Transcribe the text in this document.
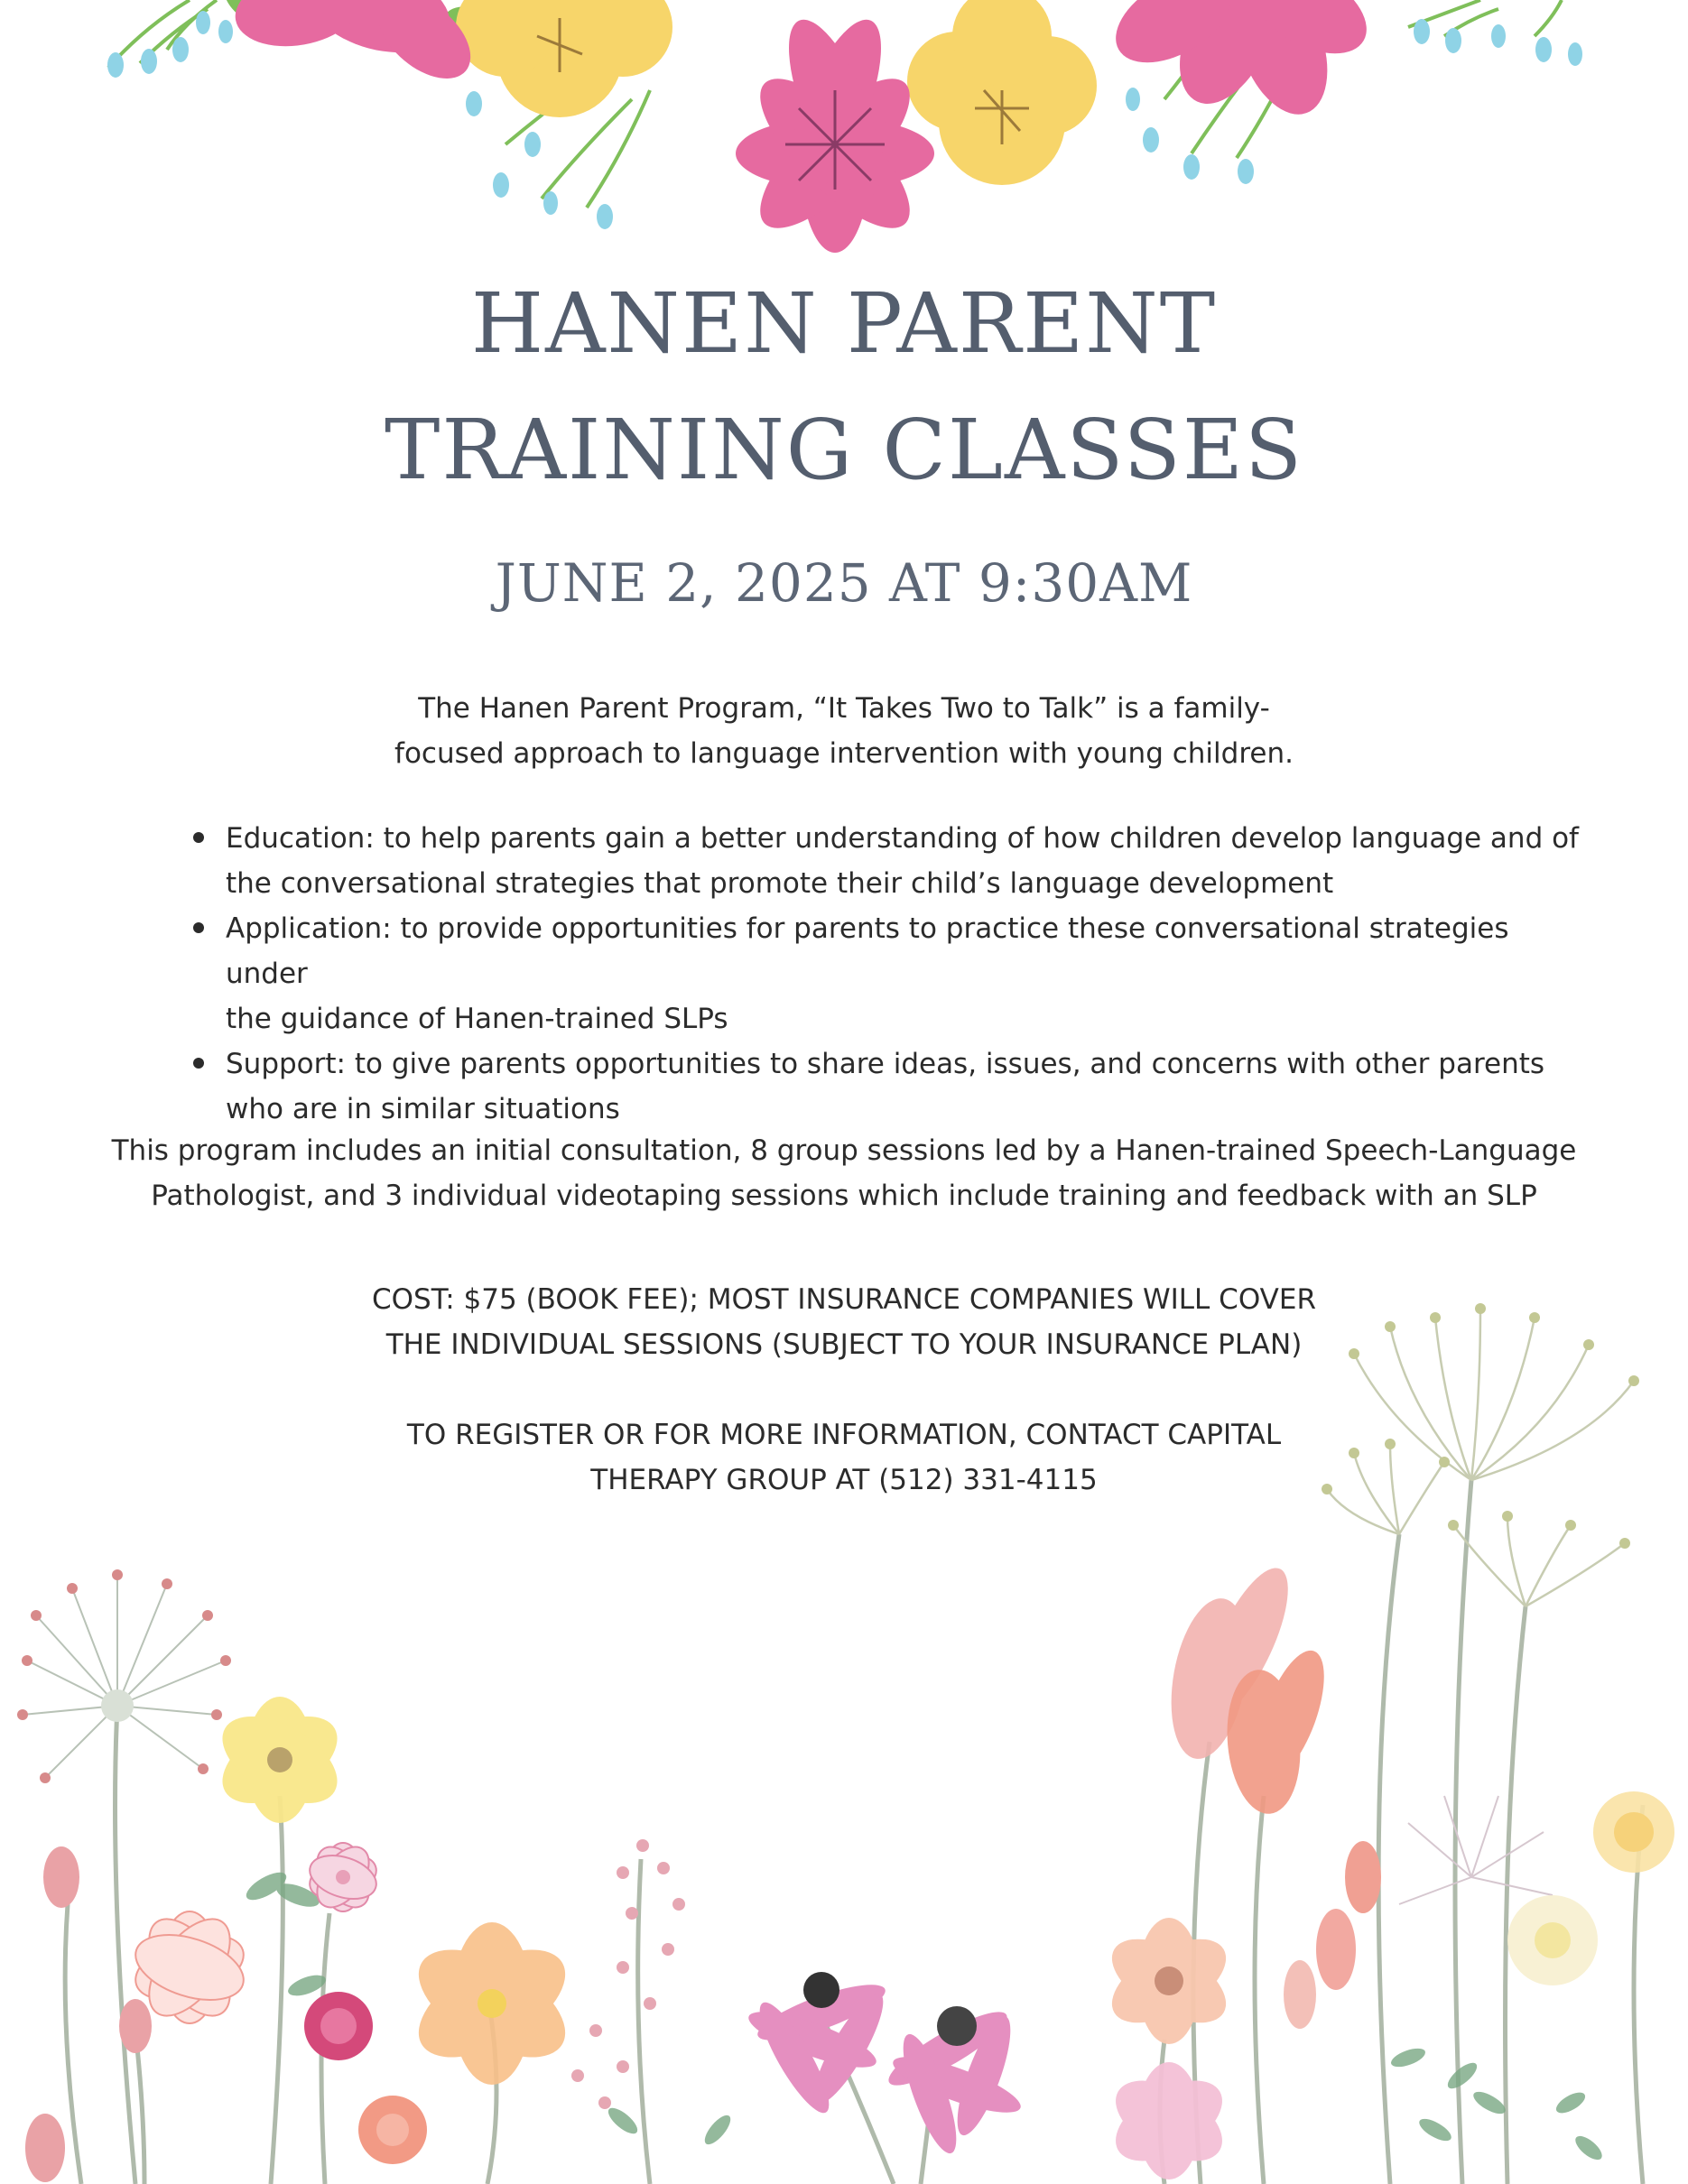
HANEN PARENT
TRAINING CLASSES
JUNE 2, 2025 AT 9:30AM
The Hanen Parent Program, “It Takes Two to Talk” is a family-
focused approach to language intervention with young children.
Education: to help parents gain a better understanding of how children develop language and of
the conversational strategies that promote their child’s language development
Application: to provide opportunities for parents to practice these conversational strategies under
the guidance of Hanen-trained SLPs
Support: to give parents opportunities to share ideas, issues, and concerns with other parents
who are in similar situations
This program includes an initial consultation, 8 group sessions led by a Hanen-trained Speech-Language
Pathologist, and 3 individual videotaping sessions which include training and feedback with an SLP
COST: $75 (BOOK FEE); MOST INSURANCE COMPANIES WILL COVER
THE INDIVIDUAL SESSIONS (SUBJECT TO YOUR INSURANCE PLAN)
TO REGISTER OR FOR MORE INFORMATION, CONTACT CAPITAL
THERAPY GROUP AT (512) 331-4115
